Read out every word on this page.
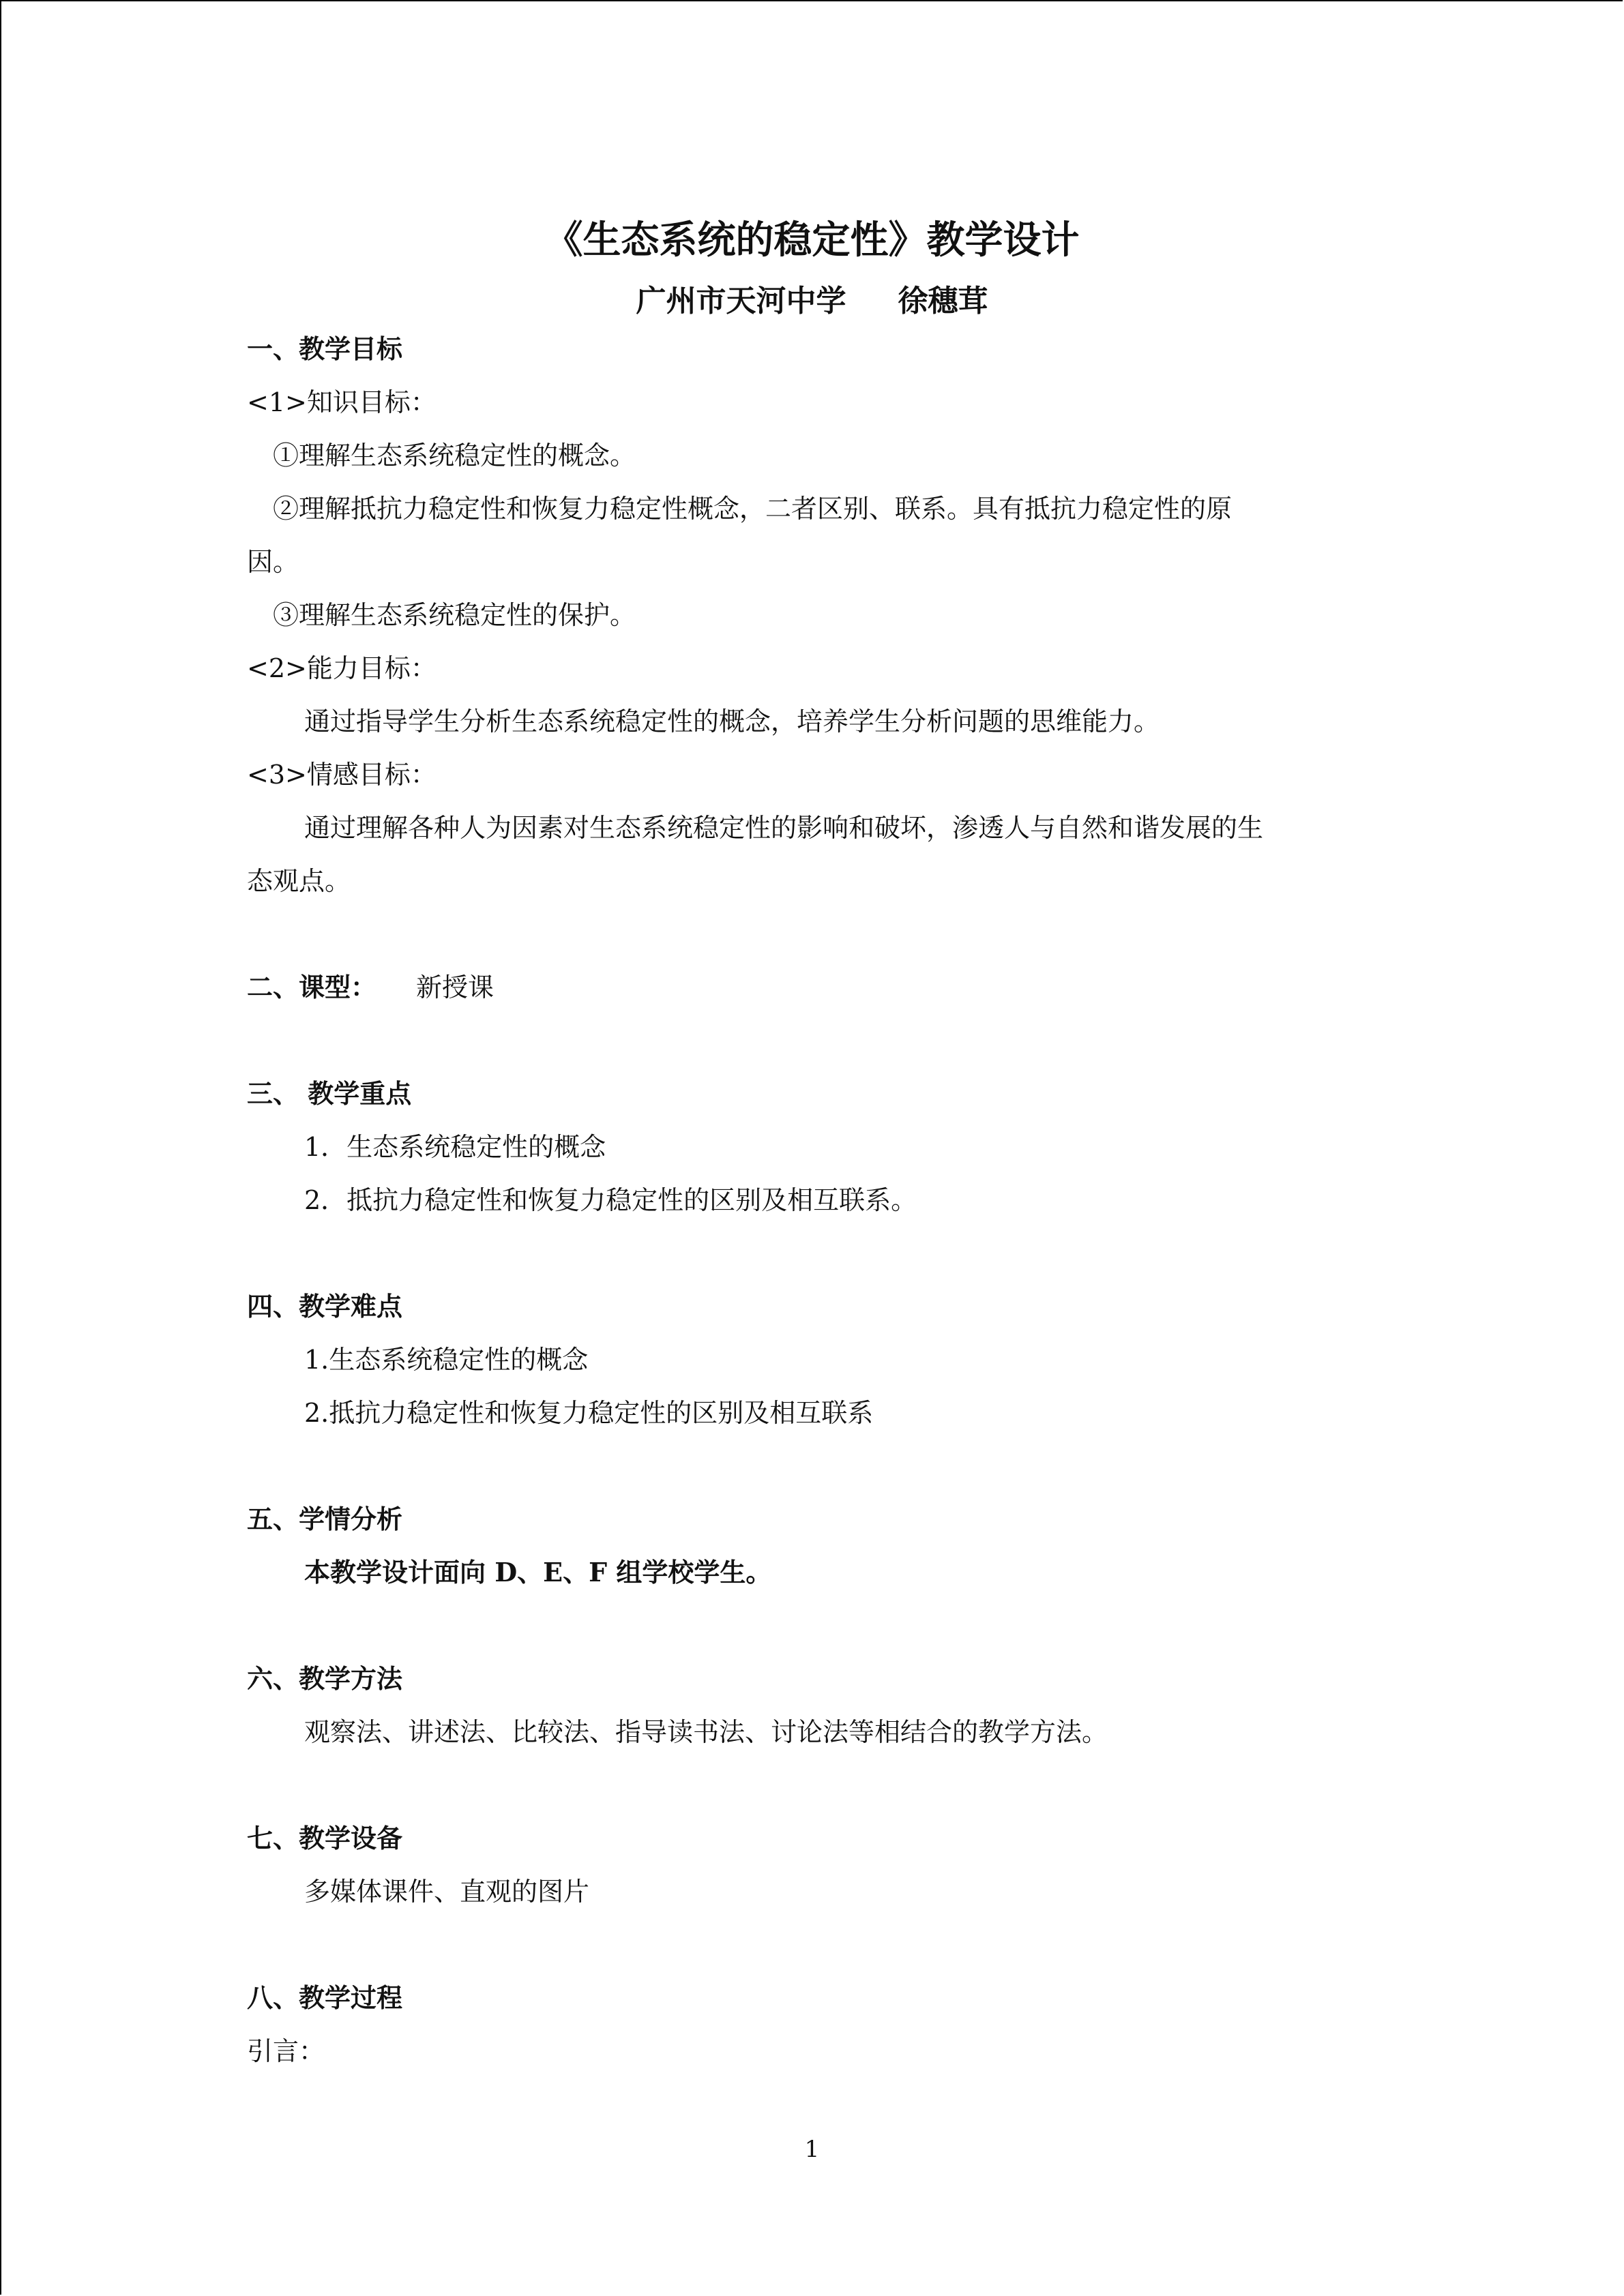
《生态系统的稳定性》教学设计
广州市天河中学 徐穗茸
一、教学目标
<1>知识目标：
①理解生态系统稳定性的概念。
②理解抵抗力稳定性和恢复力稳定性概念，二者区别、联系。具有抵抗力稳定性的原
因。
③理解生态系统稳定性的保护。
<2>能力目标：
通过指导学生分析生态系统稳定性的概念，培养学生分析问题的思维能力。
<3>情感目标：
通过理解各种人为因素对生态系统稳定性的影响和破坏，渗透人与自然和谐发展的生
态观点。
二、课型： 新授课
三、 教学重点
1．生态系统稳定性的概念
2．抵抗力稳定性和恢复力稳定性的区别及相互联系。
四、教学难点
1.生态系统稳定性的概念
2.抵抗力稳定性和恢复力稳定性的区别及相互联系
五、学情分析
本教学设计面向 D、E、F 组学校学生。
六、教学方法
观察法、讲述法、比较法、指导读书法、讨论法等相结合的教学方法。
七、教学设备
多媒体课件、直观的图片
八、教学过程
引言：
1
